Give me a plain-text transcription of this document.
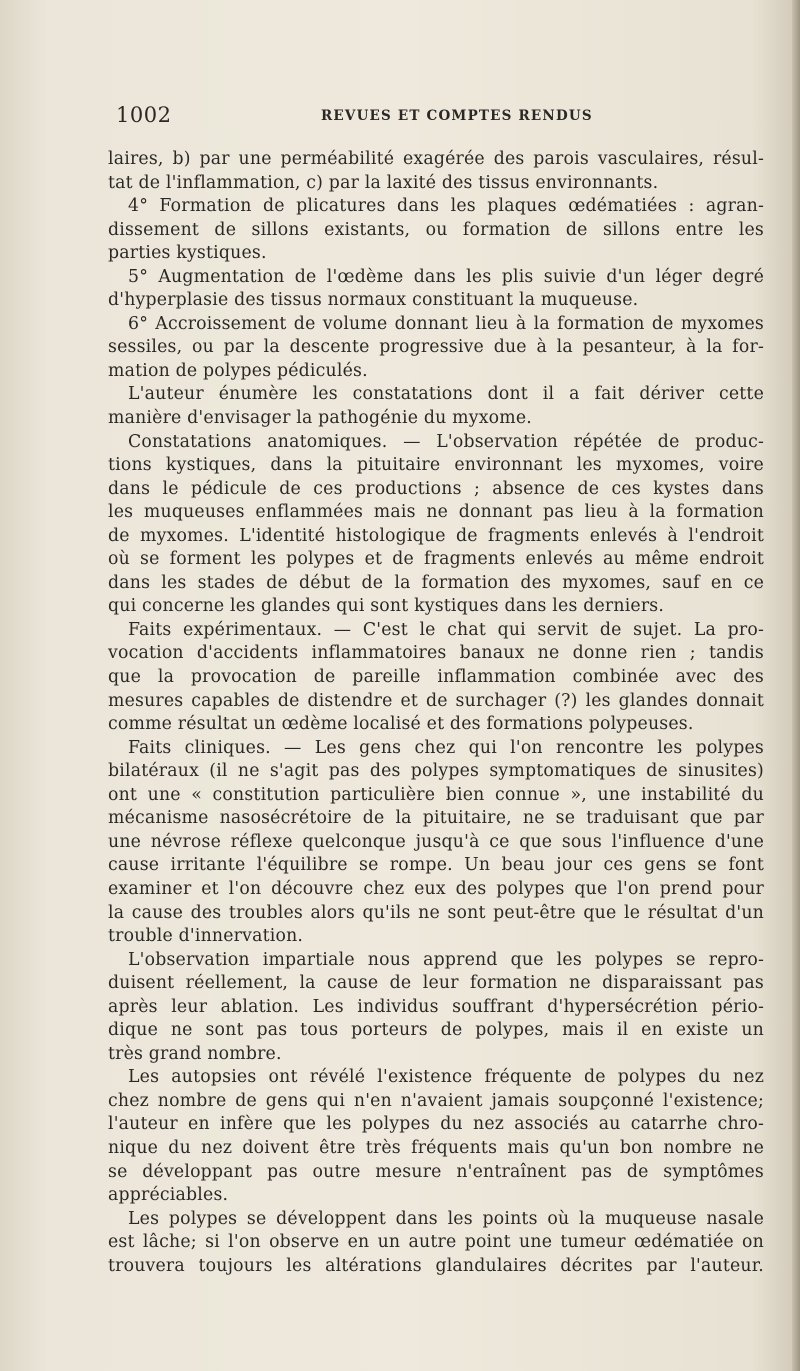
1002	REVUES ET COMPTES RENDUS
laires, b) par une perméabilité exagérée des parois vasculaires, résul-
tat de l'inflammation, c) par la laxité des tissus environnants.
4° Formation de plicatures dans les plaques œdématiées : agran-
dissement de sillons existants, ou formation de sillons entre les
parties kystiques.
5° Augmentation de l'œdème dans les plis suivie d'un léger degré
d'hyperplasie des tissus normaux constituant la muqueuse.
6° Accroissement de volume donnant lieu à la formation de myxomes
sessiles, ou par la descente progressive due à la pesanteur, à la for-
mation de polypes pédiculés.
L'auteur énumère les constatations dont il a fait dériver cette
manière d'envisager la pathogénie du myxome.
Constatations anatomiques. — L'observation répétée de produc-
tions kystiques, dans la pituitaire environnant les myxomes, voire
dans le pédicule de ces productions ; absence de ces kystes dans
les muqueuses enflammées mais ne donnant pas lieu à la formation
de myxomes. L'identité histologique de fragments enlevés à l'endroit
où se forment les polypes et de fragments enlevés au même endroit
dans les stades de début de la formation des myxomes, sauf en ce
qui concerne les glandes qui sont kystiques dans les derniers.
Faits expérimentaux. — C'est le chat qui servit de sujet. La pro-
vocation d'accidents inflammatoires banaux ne donne rien ; tandis
que la provocation de pareille inflammation combinée avec des
mesures capables de distendre et de surchager (?) les glandes donnait
comme résultat un œdème localisé et des formations polypeuses.
Faits cliniques. — Les gens chez qui l'on rencontre les polypes
bilatéraux (il ne s'agit pas des polypes symptomatiques de sinusites)
ont une « constitution particulière bien connue », une instabilité du
mécanisme nasosécrétoire de la pituitaire, ne se traduisant que par
une névrose réflexe quelconque jusqu'à ce que sous l'influence d'une
cause irritante l'équilibre se rompe. Un beau jour ces gens se font
examiner et l'on découvre chez eux des polypes que l'on prend pour
la cause des troubles alors qu'ils ne sont peut-être que le résultat d'un
trouble d'innervation.
L'observation impartiale nous apprend que les polypes se repro-
duisent réellement, la cause de leur formation ne disparaissant pas
après leur ablation. Les individus souffrant d'hypersécrétion pério-
dique ne sont pas tous porteurs de polypes, mais il en existe un
très grand nombre.
Les autopsies ont révélé l'existence fréquente de polypes du nez
chez nombre de gens qui n'en n'avaient jamais soupçonné l'existence;
l'auteur en infère que les polypes du nez associés au catarrhe chro-
nique du nez doivent être très fréquents mais qu'un bon nombre ne
se développant pas outre mesure n'entraînent pas de symptômes
appréciables.
Les polypes se développent dans les points où la muqueuse nasale
est lâche; si l'on observe en un autre point une tumeur œdématiée on
trouvera toujours les altérations glandulaires décrites par l'auteur.
